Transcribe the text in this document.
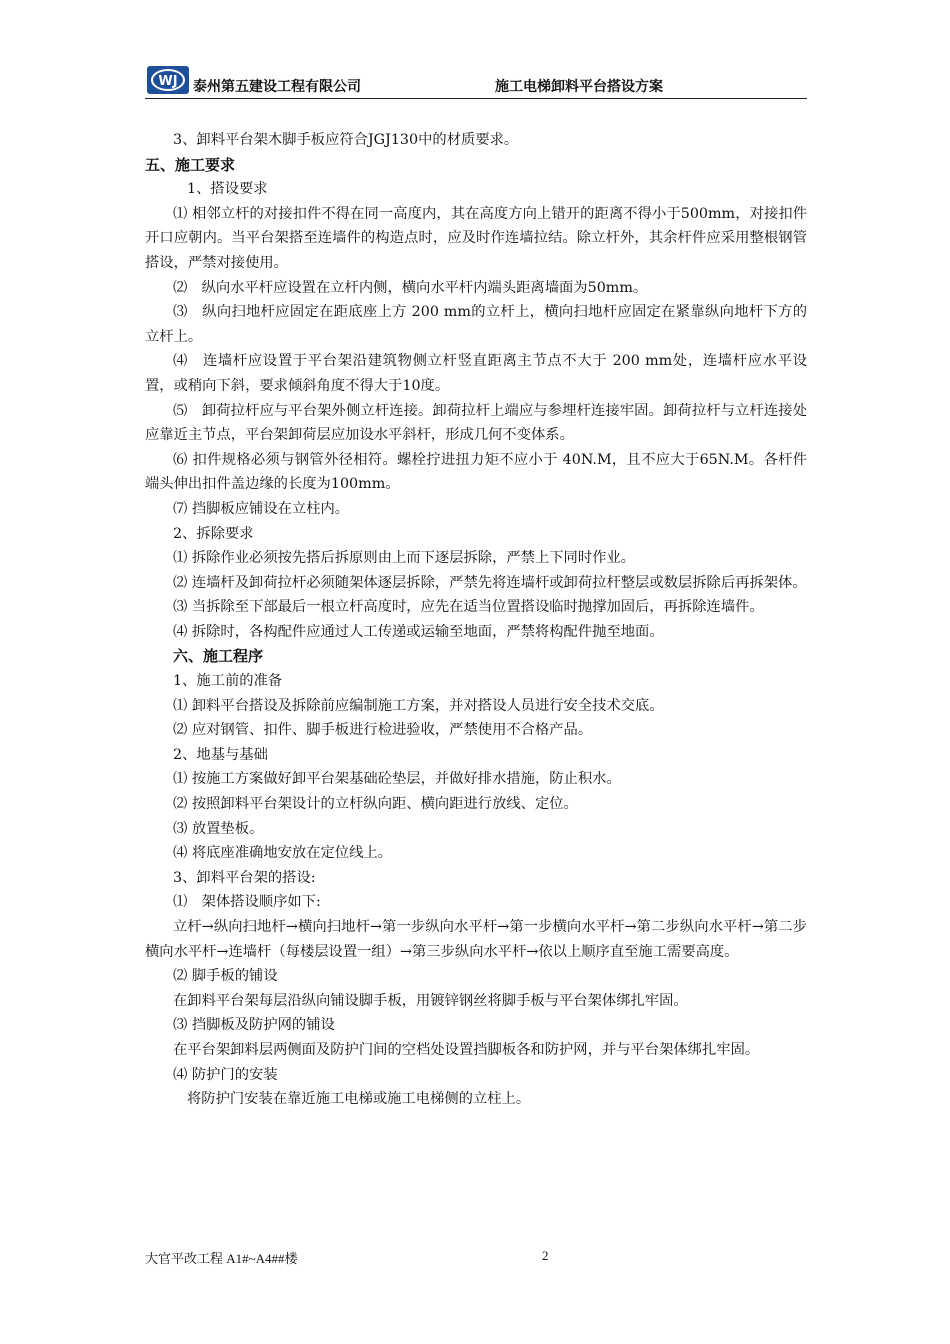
WJ 泰州第五建设工程有限公司	施工电梯卸料平台搭设方案
3、卸料平台架木脚手板应符合JGJ130中的材质要求。
五、施工要求
1、搭设要求
⑴ 相邻立杆的对接扣件不得在同一高度内，其在高度方向上错开的距离不得小于500mm，对接扣件开口应朝内。当平台架搭至连墙件的构造点时，应及时作连墙拉结。除立杆外，其余杆件应采用整根钢管搭设，严禁对接使用。
⑵　纵向水平杆应设置在立杆内侧，横向水平杆内端头距离墙面为50mm。
⑶　纵向扫地杆应固定在距底座上方 200 mm的立杆上，横向扫地杆应固定在紧靠纵向地杆下方的立杆上。
⑷　连墙杆应设置于平台架沿建筑物侧立杆竖直距离主节点不大于 200 mm处，连墙杆应水平设置，或稍向下斜，要求倾斜角度不得大于10度。
⑸　卸荷拉杆应与平台架外侧立杆连接。卸荷拉杆上端应与参埋杆连接牢固。卸荷拉杆与立杆连接处应靠近主节点，平台架卸荷层应加设水平斜杆，形成几何不变体系。
⑹ 扣件规格必须与钢管外径相符。螺栓拧进扭力矩不应小于 40N.M，且不应大于65N.M。各杆件端头伸出扣件盖边缘的长度为100mm。
⑺ 挡脚板应铺设在立柱内。
2、拆除要求
⑴ 拆除作业必须按先搭后拆原则由上而下逐层拆除，严禁上下同时作业。
⑵ 连墙杆及卸荷拉杆必须随架体逐层拆除，严禁先将连墙杆或卸荷拉杆整层或数层拆除后再拆架体。
⑶ 当拆除至下部最后一根立杆高度时，应先在适当位置搭设临时抛撑加固后，再拆除连墙件。
⑷ 拆除时，各构配件应通过人工传递或运输至地面，严禁将构配件抛至地面。
六、施工程序
1、施工前的准备
⑴ 卸料平台搭设及拆除前应编制施工方案，并对搭设人员进行安全技术交底。
⑵ 应对钢管、扣件、脚手板进行检进验收，严禁使用不合格产品。
2、地基与基础
⑴ 按施工方案做好卸平台架基础砼垫层，并做好排水措施，防止积水。
⑵ 按照卸料平台架设计的立杆纵向距、横向距进行放线、定位。
⑶ 放置垫板。
⑷ 将底座准确地安放在定位线上。
3、卸料平台架的搭设:
⑴　架体搭设顺序如下:
立杆→纵向扫地杆→横向扫地杆→第一步纵向水平杆→第一步横向水平杆→第二步纵向水平杆→第二步横向水平杆→连墙杆（每楼层设置一组）→第三步纵向水平杆→依以上顺序直至施工需要高度。
⑵ 脚手板的铺设
在卸料平台架每层沿纵向铺设脚手板，用镀锌钢丝将脚手板与平台架体绑扎牢固。
⑶ 挡脚板及防护网的铺设
在平台架卸料层两侧面及防护门间的空档处设置挡脚板各和防护网，并与平台架体绑扎牢固。
⑷ 防护门的安装
将防护门安装在靠近施工电梯或施工电梯侧的立柱上。
大官平改工程 A1#~A4##楼	2
